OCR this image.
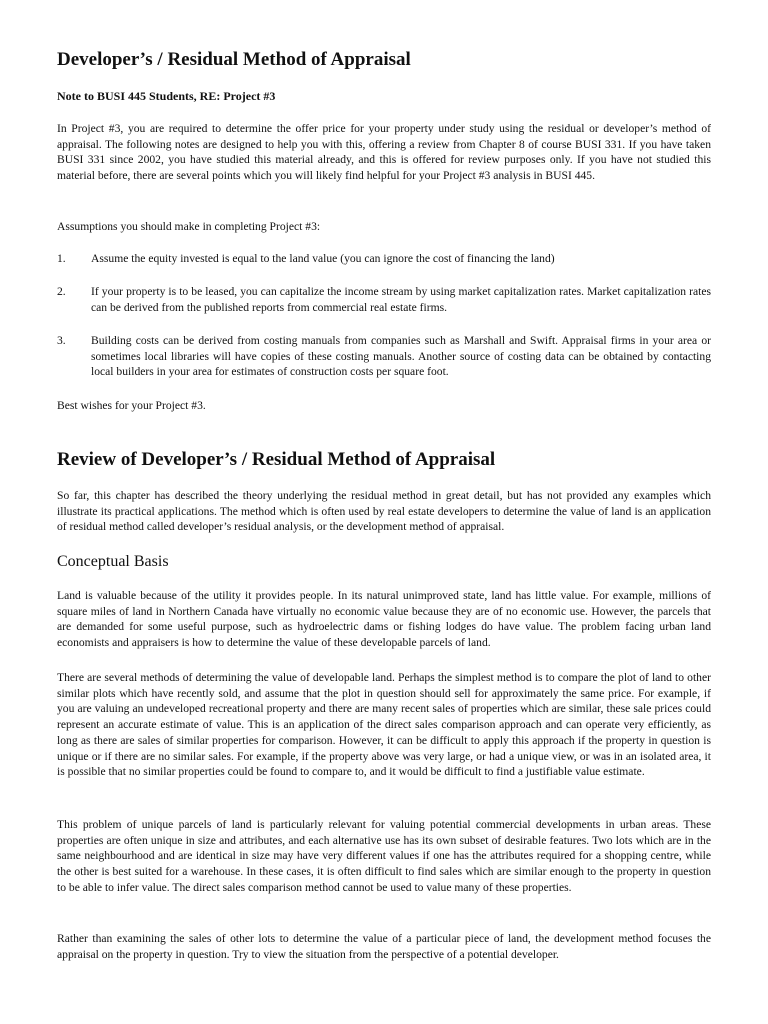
Developer’s / Residual Method of Appraisal
Note to BUSI 445 Students, RE: Project #3
In Project #3, you are required to determine the offer price for your property under study using the residual or developer’s method of appraisal. The following notes are designed to help you with this, offering a review from Chapter 8 of course BUSI 331. If you have taken BUSI 331 since 2002, you have studied this material already, and this is offered for review purposes only. If you have not studied this material before, there are several points which you will likely find helpful for your Project #3 analysis in BUSI 445.
Assumptions you should make in completing Project #3:
1. Assume the equity invested is equal to the land value (you can ignore the cost of financing the land)
2. If your property is to be leased, you can capitalize the income stream by using market capitalization rates. Market capitalization rates can be derived from the published reports from commercial real estate firms.
3. Building costs can be derived from costing manuals from companies such as Marshall and Swift. Appraisal firms in your area or sometimes local libraries will have copies of these costing manuals. Another source of costing data can be obtained by contacting local builders in your area for estimates of construction costs per square foot.
Best wishes for your Project #3.
Review of Developer’s / Residual Method of Appraisal
So far, this chapter has described the theory underlying the residual method in great detail, but has not provided any examples which illustrate its practical applications. The method which is often used by real estate developers to determine the value of land is an application of residual method called developer’s residual analysis, or the development method of appraisal.
Conceptual Basis
Land is valuable because of the utility it provides people. In its natural unimproved state, land has little value. For example, millions of square miles of land in Northern Canada have virtually no economic value because they are of no economic use. However, the parcels that are demanded for some useful purpose, such as hydroelectric dams or fishing lodges do have value. The problem facing urban land economists and appraisers is how to determine the value of these developable parcels of land.
There are several methods of determining the value of developable land. Perhaps the simplest method is to compare the plot of land to other similar plots which have recently sold, and assume that the plot in question should sell for approximately the same price. For example, if you are valuing an undeveloped recreational property and there are many recent sales of properties which are similar, these sale prices could represent an accurate estimate of value. This is an application of the direct sales comparison approach and can operate very efficiently, as long as there are sales of similar properties for comparison. However, it can be difficult to apply this approach if the property in question is unique or if there are no similar sales. For example, if the property above was very large, or had a unique view, or was in an isolated area, it is possible that no similar properties could be found to compare to, and it would be difficult to find a justifiable value estimate.
This problem of unique parcels of land is particularly relevant for valuing potential commercial developments in urban areas. These properties are often unique in size and attributes, and each alternative use has its own subset of desirable features. Two lots which are in the same neighbourhood and are identical in size may have very different values if one has the attributes required for a shopping centre, while the other is best suited for a warehouse. In these cases, it is often difficult to find sales which are similar enough to the property in question to be able to infer value. The direct sales comparison method cannot be used to value many of these properties.
Rather than examining the sales of other lots to determine the value of a particular piece of land, the development method focuses the appraisal on the property in question. Try to view the situation from the perspective of a potential developer.
